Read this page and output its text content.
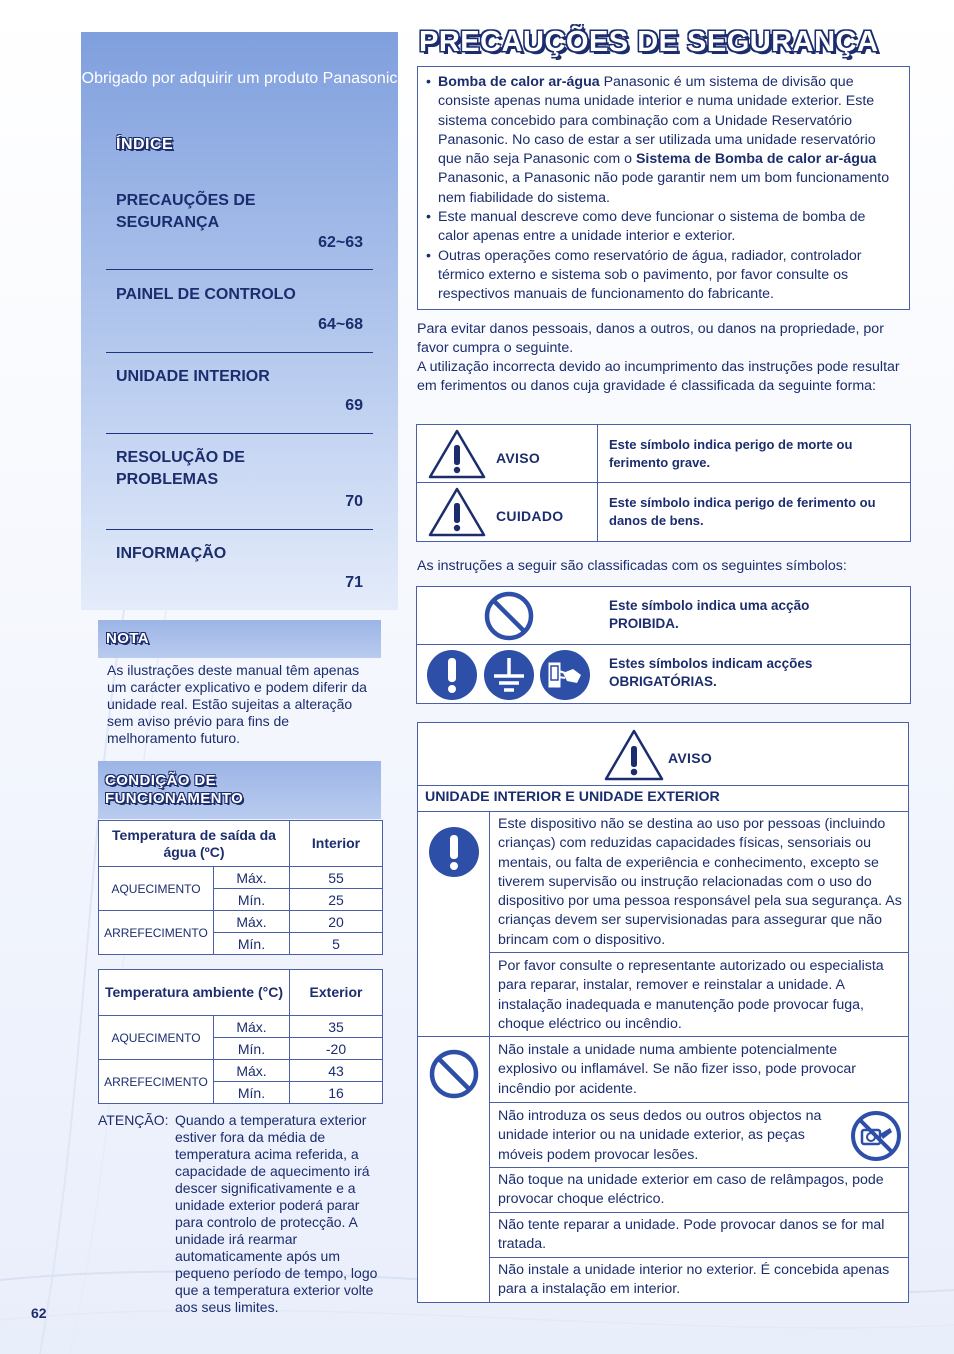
Obrigado por adquirir um produto Panasonic
ÍNDICE
PRECAUÇÕES DE SEGURANÇA
62~63
PAINEL DE CONTROLO
64~68
UNIDADE INTERIOR
69
RESOLUÇÃO DE PROBLEMAS
70
INFORMAÇÃO
71
NOTA
As ilustrações deste manual têm apenas um carácter explicativo e podem diferir da unidade real. Estão sujeitas a alteração sem aviso prévio para fins de melhoramento futuro.
CONDIÇÃO DE
FUNCIONAMENTO
Temperatura de saída da água (ºC)		Interior
AQUECIMENTO	Máx.	55
	Mín.	25
ARREFECIMENTO	Máx.	20
	Mín.	5
Temperatura ambiente (°C)		Exterior
AQUECIMENTO	Máx.	35
	Mín.	-20
ARREFECIMENTO	Máx.	43
	Mín.	16
ATENÇÃO: Quando a temperatura exterior estiver fora da média de temperatura acima referida, a capacidade de aquecimento irá descer significativamente e a unidade exterior poderá parar para controlo de protecção. A unidade irá rearmar automaticamente após um pequeno período de tempo, logo que a temperatura exterior volte aos seus limites.
62
PRECAUÇÕES DE SEGURANÇA
• Bomba de calor ar-água Panasonic é um sistema de divisão que consiste apenas numa unidade interior e numa unidade exterior. Este sistema concebido para combinação com a Unidade Reservatório Panasonic. No caso de estar a ser utilizada uma unidade reservatório que não seja Panasonic com o Sistema de Bomba de calor ar-água Panasonic, a Panasonic não pode garantir nem um bom funcionamento nem fiabilidade do sistema.
• Este manual descreve como deve funcionar o sistema de bomba de calor apenas entre a unidade interior e exterior.
• Outras operações como reservatório de água, radiador, controlador térmico externo e sistema sob o pavimento, por favor consulte os respectivos manuais de funcionamento do fabricante.
Para evitar danos pessoais, danos a outros, ou danos na propriedade, por favor cumpra o seguinte.
A utilização incorrecta devido ao incumprimento das instruções pode resultar em ferimentos ou danos cuja gravidade é classificada da seguinte forma:
AVISO
Este símbolo indica perigo de morte ou ferimento grave.
CUIDADO
Este símbolo indica perigo de ferimento ou danos de bens.
As instruções a seguir são classificadas com os seguintes símbolos:
Este símbolo indica uma acção
PROIBIDA.
Estes símbolos indicam acções
OBRIGATÓRIAS.
AVISO
UNIDADE INTERIOR E UNIDADE EXTERIOR
Este dispositivo não se destina ao uso por pessoas (incluindo crianças) com reduzidas capacidades físicas, sensoriais ou mentais, ou falta de experiência e conhecimento, excepto se tiverem supervisão ou instrução relacionadas com o uso do dispositivo por uma pessoa responsável pela sua segurança. As crianças devem ser supervisionadas para assegurar que não brincam com o dispositivo.
Por favor consulte o representante autorizado ou especialista para reparar, instalar, remover e reinstalar a unidade. A instalação inadequada e manutenção pode provocar fuga, choque eléctrico ou incêndio.
Não instale a unidade numa ambiente potencialmente explosivo ou inflamável. Se não fizer isso, pode provocar incêndio por acidente.
Não introduza os seus dedos ou outros objectos na unidade interior ou na unidade exterior, as peças móveis podem provocar lesões.
Não toque na unidade exterior em caso de relâmpagos, pode provocar choque eléctrico.
Não tente reparar a unidade. Pode provocar danos se for mal tratada.
Não instale a unidade interior no exterior. É concebida apenas para a instalação em interior.
